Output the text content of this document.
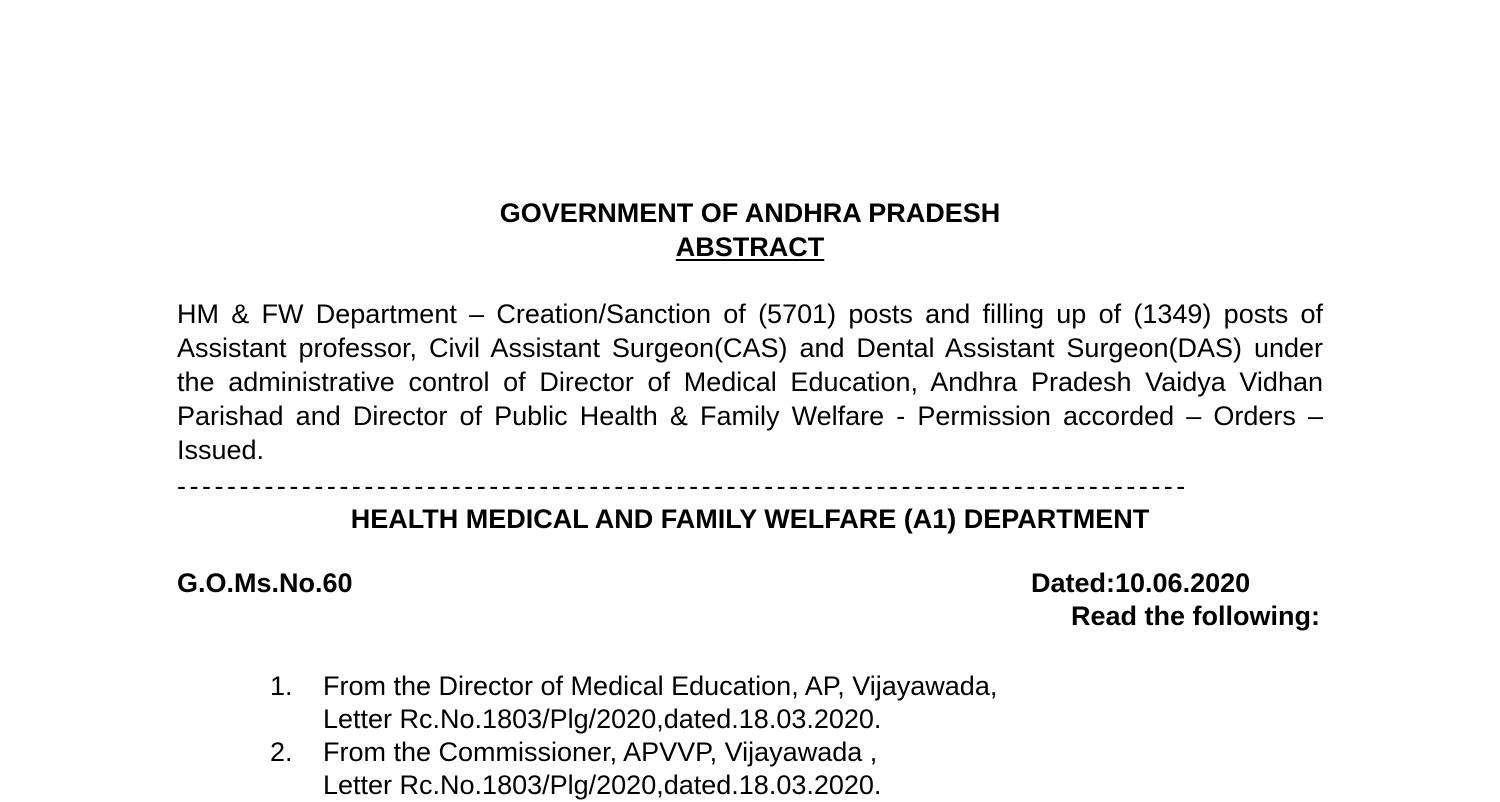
GOVERNMENT OF ANDHRA PRADESH

ABSTRACT

HM & FW Department – Creation/Sanction of (5701) posts and filling up of (1349) posts of Assistant professor, Civil Assistant Surgeon(CAS) and Dental Assistant Surgeon(DAS) under the administrative control of Director of Medical Education, Andhra Pradesh Vaidya Vidhan Parishad and Director of Public Health & Family Welfare - Permission accorded – Orders – Issued.

---------------------------------------------------------------------------------

HEALTH MEDICAL AND FAMILY WELFARE (A1) DEPARTMENT

G.O.Ms.No.60	Dated:10.06.2020

Read the following:

1.	From the Director of Medical Education, AP, Vijayawada,
Letter Rc.No.1803/Plg/2020,dated.18.03.2020.
2.	From the Commissioner, APVVP, Vijayawada ,
Letter Rc.No.1803/Plg/2020,dated.18.03.2020.
